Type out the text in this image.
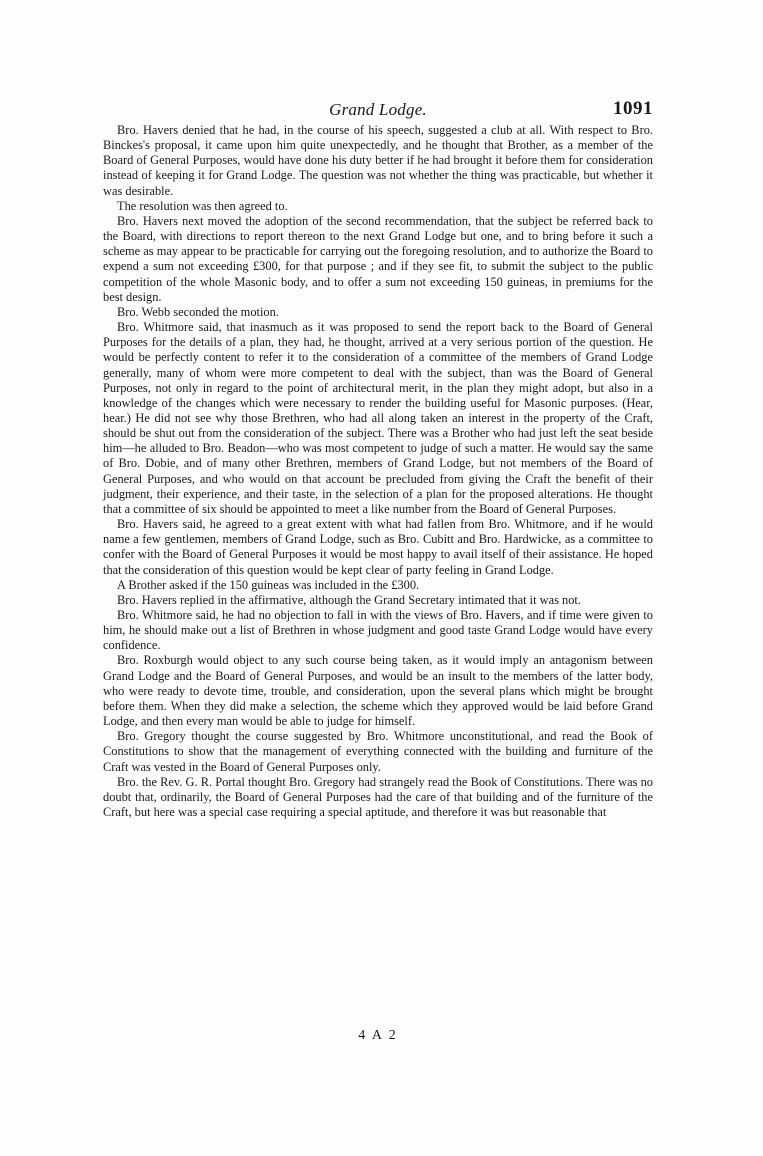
Grand Lodge.	1091

Bro. Havers denied that he had, in the course of his speech, suggested a club at all. With respect to Bro. Binckes's proposal, it came upon him quite unexpectedly, and he thought that Brother, as a member of the Board of General Purposes, would have done his duty better if he had brought it before them for consideration instead of keeping it for Grand Lodge. The question was not whether the thing was practicable, but whether it was desirable.

The resolution was then agreed to.

Bro. Havers next moved the adoption of the second recommendation, that the subject be referred back to the Board, with directions to report thereon to the next Grand Lodge but one, and to bring before it such a scheme as may appear to be practicable for carrying out the foregoing resolution, and to authorize the Board to expend a sum not exceeding £300, for that purpose ; and if they see fit, to submit the subject to the public competition of the whole Masonic body, and to offer a sum not exceeding 150 guineas, in premiums for the best design.

Bro. Webb seconded the motion.

Bro. Whitmore said, that inasmuch as it was proposed to send the report back to the Board of General Purposes for the details of a plan, they had, he thought, arrived at a very serious portion of the question. He would be perfectly content to refer it to the consideration of a committee of the members of Grand Lodge generally, many of whom were more competent to deal with the subject, than was the Board of General Purposes, not only in regard to the point of architectural merit, in the plan they might adopt, but also in a knowledge of the changes which were necessary to render the building useful for Masonic purposes. (Hear, hear.) He did not see why those Brethren, who had all along taken an interest in the property of the Craft, should be shut out from the consideration of the subject. There was a Brother who had just left the seat beside him—he alluded to Bro. Beadon—who was most competent to judge of such a matter. He would say the same of Bro. Dobie, and of many other Brethren, members of Grand Lodge, but not members of the Board of General Purposes, and who would on that account be precluded from giving the Craft the benefit of their judgment, their experience, and their taste, in the selection of a plan for the proposed alterations. He thought that a committee of six should be appointed to meet a like number from the Board of General Purposes.

Bro. Havers said, he agreed to a great extent with what had fallen from Bro. Whitmore, and if he would name a few gentlemen, members of Grand Lodge, such as Bro. Cubitt and Bro. Hardwicke, as a committee to confer with the Board of General Purposes it would be most happy to avail itself of their assistance. He hoped that the consideration of this question would be kept clear of party feeling in Grand Lodge.

A Brother asked if the 150 guineas was included in the £300.

Bro. Havers replied in the affirmative, although the Grand Secretary intimated that it was not.

Bro. Whitmore said, he had no objection to fall in with the views of Bro. Havers, and if time were given to him, he should make out a list of Brethren in whose judgment and good taste Grand Lodge would have every confidence.

Bro. Roxburgh would object to any such course being taken, as it would imply an antagonism between Grand Lodge and the Board of General Purposes, and would be an insult to the members of the latter body, who were ready to devote time, trouble, and consideration, upon the several plans which might be brought before them. When they did make a selection, the scheme which they approved would be laid before Grand Lodge, and then every man would be able to judge for himself.

Bro. Gregory thought the course suggested by Bro. Whitmore unconstitutional, and read the Book of Constitutions to show that the management of everything connected with the building and furniture of the Craft was vested in the Board of General Purposes only.

Bro. the Rev. G. R. Portal thought Bro. Gregory had strangely read the Book of Constitutions. There was no doubt that, ordinarily, the Board of General Purposes had the care of that building and of the furniture of the Craft, but here was a special case requiring a special aptitude, and therefore it was but reasonable that

4 A 2
